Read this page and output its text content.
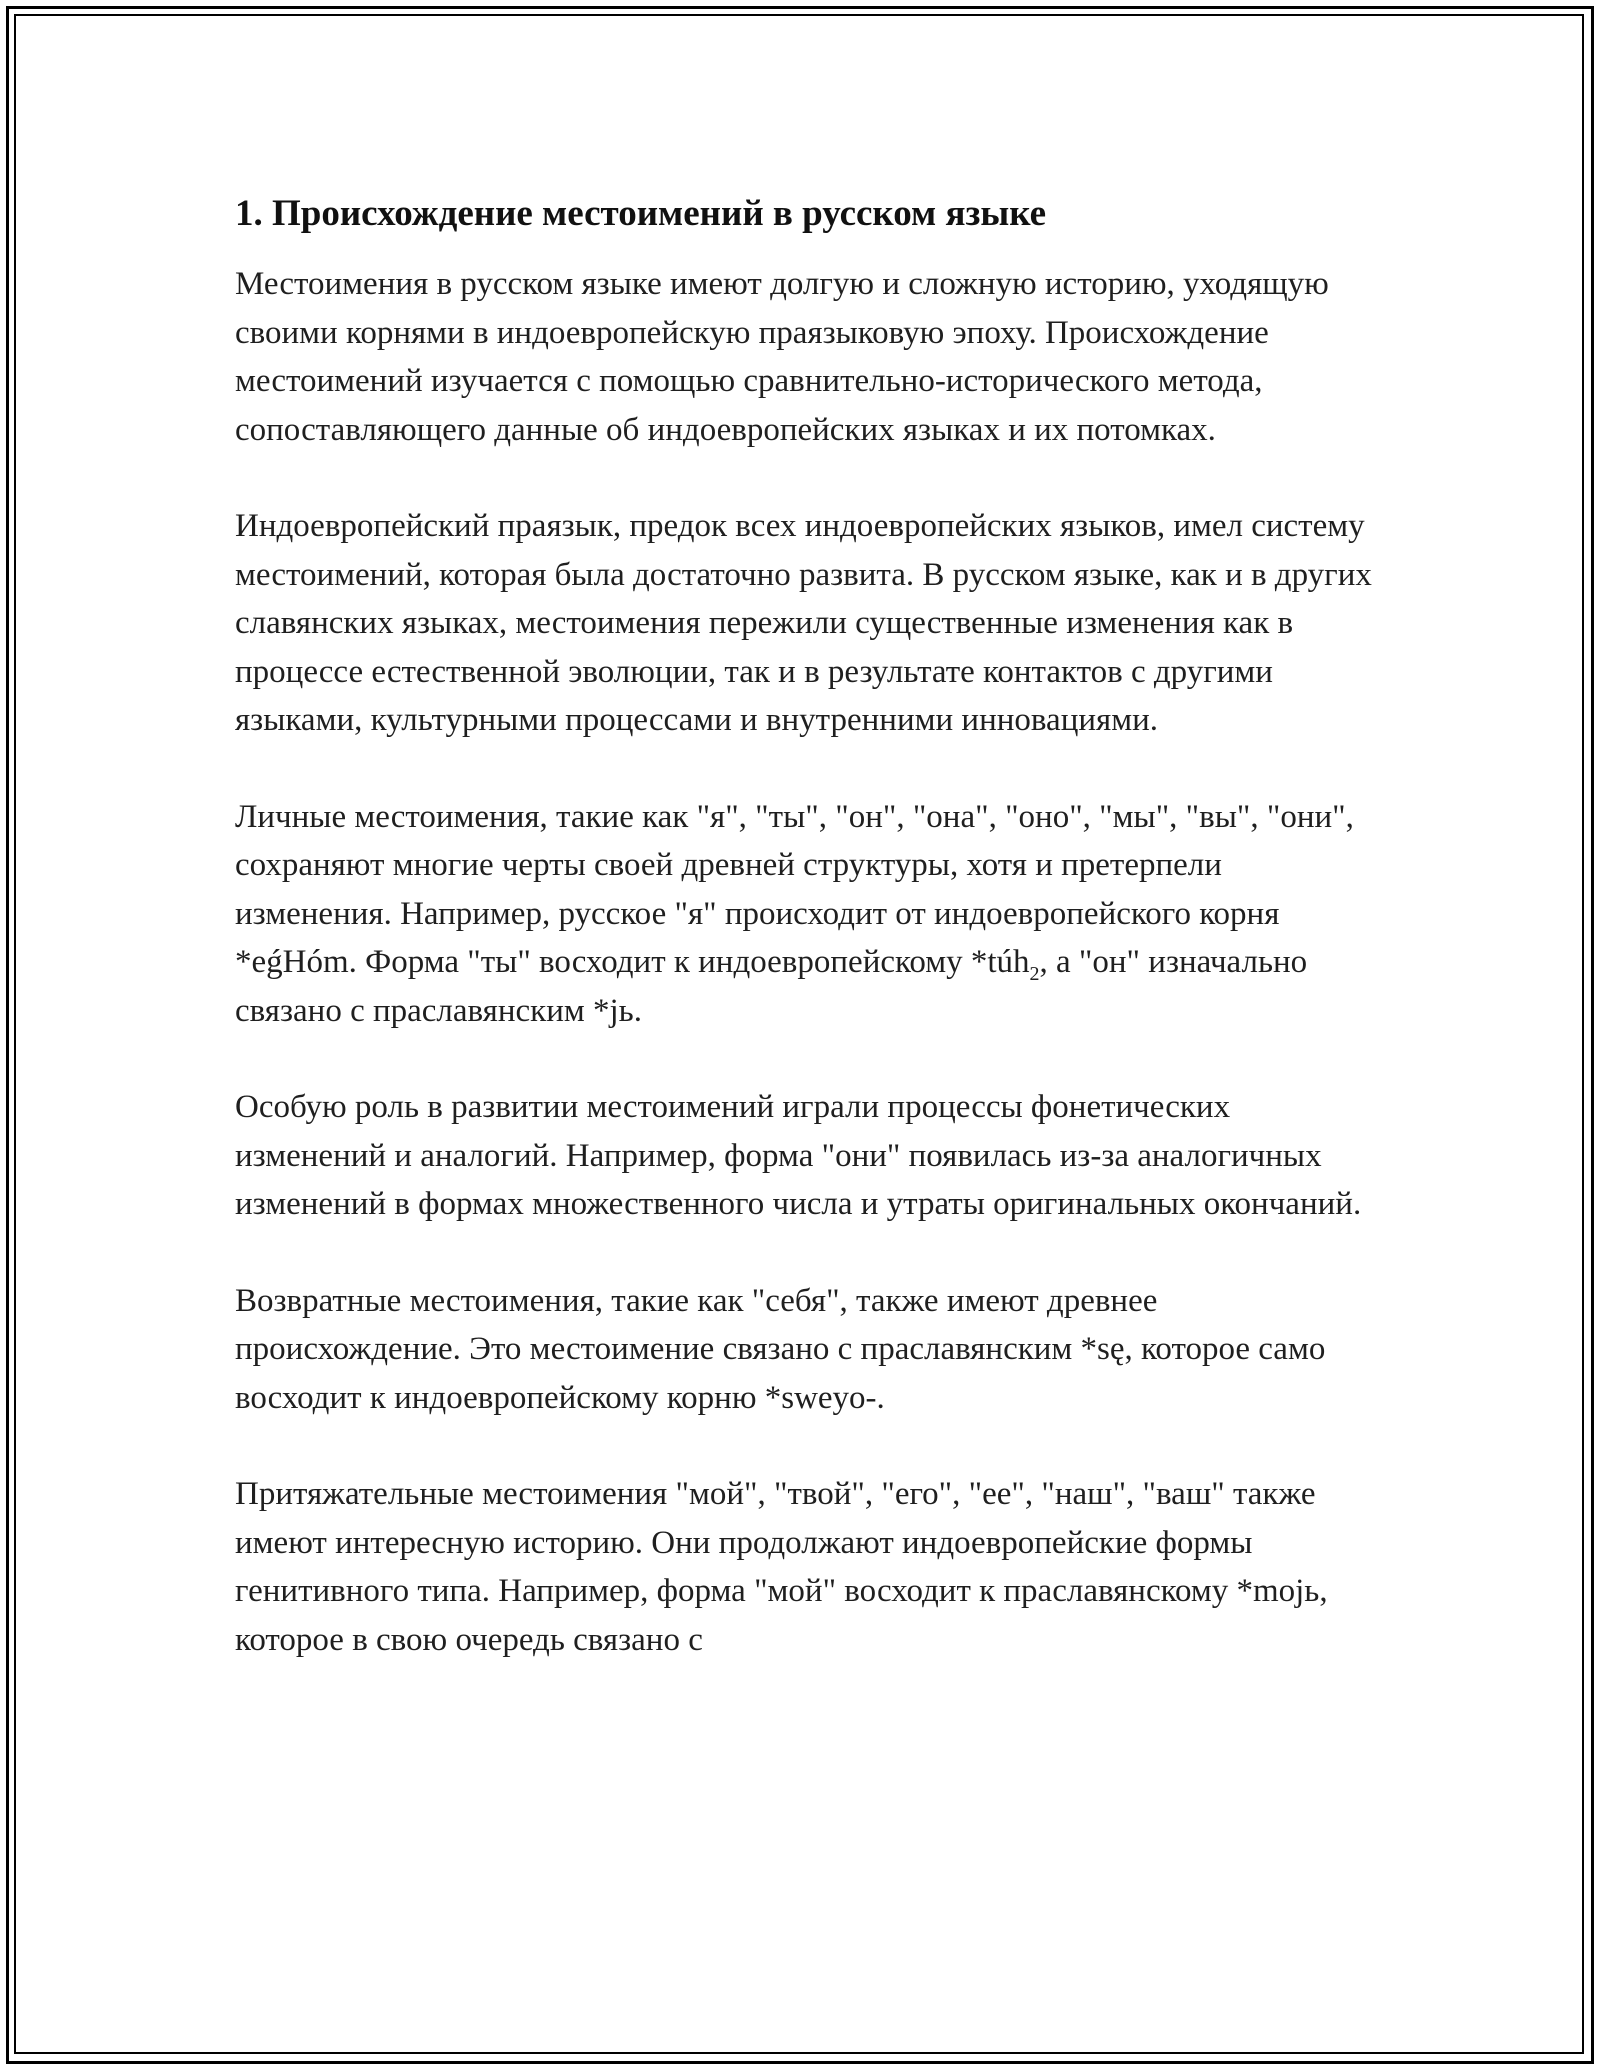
1. Происхождение местоимений в русском языке

Местоимения в русском языке имеют долгую и сложную историю, уходящую своими корнями в индоевропейскую праязыковую эпоху. Происхождение местоимений изучается с помощью сравнительно-исторического метода, сопоставляющего данные об индоевропейских языках и их потомках.

Индоевропейский праязык, предок всех индоевропейских языков, имел систему местоимений, которая была достаточно развита. В русском языке, как и в других славянских языках, местоимения пережили существенные изменения как в процессе естественной эволюции, так и в результате контактов с другими языками, культурными процессами и внутренними инновациями.

Личные местоимения, такие как "я", "ты", "он", "она", "оно", "мы", "вы", "они", сохраняют многие черты своей древней структуры, хотя и претерпели изменения. Например, русское "я" происходит от индоевропейского корня *eǵHóm. Форма "ты" восходит к индоевропейскому *túh$_2$, а "он" изначально связано с праславянским *jь.

Особую роль в развитии местоимений играли процессы фонетических изменений и аналогий. Например, форма "они" появилась из-за аналогичных изменений в формах множественного числа и утраты оригинальных окончаний.

Возвратные местоимения, такие как "себя", также имеют древнее происхождение. Это местоимение связано с праславянским *sę, которое само восходит к индоевропейскому корню *sweyo-.

Притяжательные местоимения "мой", "твой", "его", "ее", "наш", "ваш" также имеют интересную историю. Они продолжают индоевропейские формы генитивного типа. Например, форма "мой" восходит к праславянскому *mojь, которое в свою очередь связано с
